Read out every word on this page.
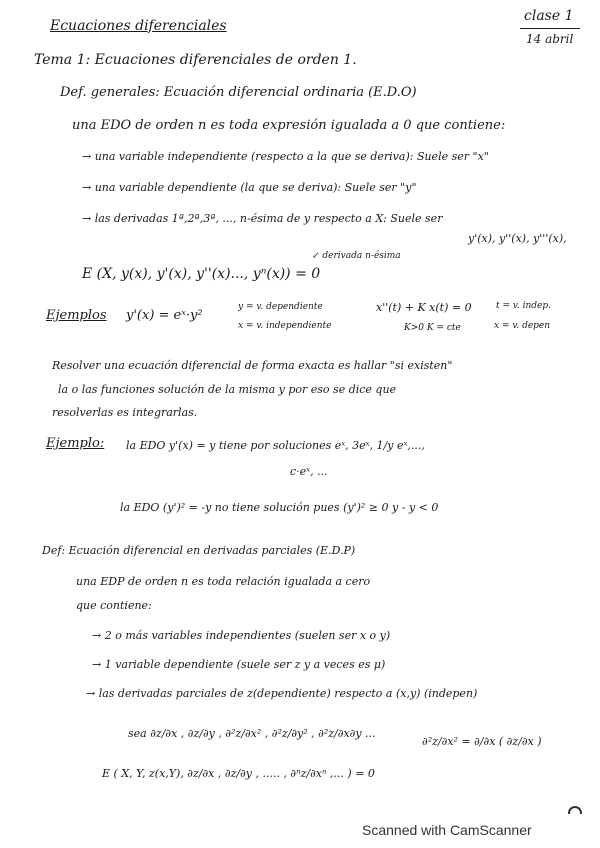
Ecuaciones diferenciales
clase 1
14 abril
Tema 1: Ecuaciones diferenciales de orden 1.
Def. generales: Ecuación diferencial ordinaria (E.D.O)
una EDO de orden n es toda expresión igualada a 0 que contiene:
→ una variable independiente (respecto a la que se deriva): Suele ser "x"
→ una variable dependiente (la que se deriva): Suele ser "y"
→ las derivadas 1ª,2ª,3ª, ..., n-ésima de y respecto a X: Suele ser
y'(x), y''(x), y'''(x),
↙ derivada n-ésima
E (X, y(x), y'(x), y''(x)..., yⁿ(x)) = 0
Ejemplos y'(x) = eˣ·y²
y = v. dependiente
x = v. independiente
x''(t) + K x(t) = 0
K>0 K = cte
t = v. indep.
x = v. depen
Resolver una ecuación diferencial de forma exacta es hallar "si existen"
la o las funciones solución de la misma y por eso se dice que
resolverlas es integrarlas.
Ejemplo: la EDO y'(x) = y tiene por soluciones eˣ, 3eˣ, 1/y eˣ,...,
c·eˣ, ...
la EDO (y')² = -y no tiene solución pues (y')² ≥ 0 y - y < 0
Def: Ecuación diferencial en derivadas parciales (E.D.P)
una EDP de orden n es toda relación igualada a cero
que contiene:
→ 2 o más variables independientes (suelen ser x o y)
→ 1 variable dependiente (suele ser z y a veces es μ)
→ las derivadas parciales de z(dependiente) respecto a (x,y) (indepen)
sea ∂z/∂x , ∂z/∂y , ∂²z/∂x² , ∂²z/∂y² , ∂²z/∂x∂y ...
∂²z/∂x² = ∂/∂x ( ∂z/∂x )
E ( X, Y, z(x,Y), ∂z/∂x , ∂z/∂y , ..... , ∂ⁿz/∂xⁿ ,... ) = 0
Scanned with CamScanner
